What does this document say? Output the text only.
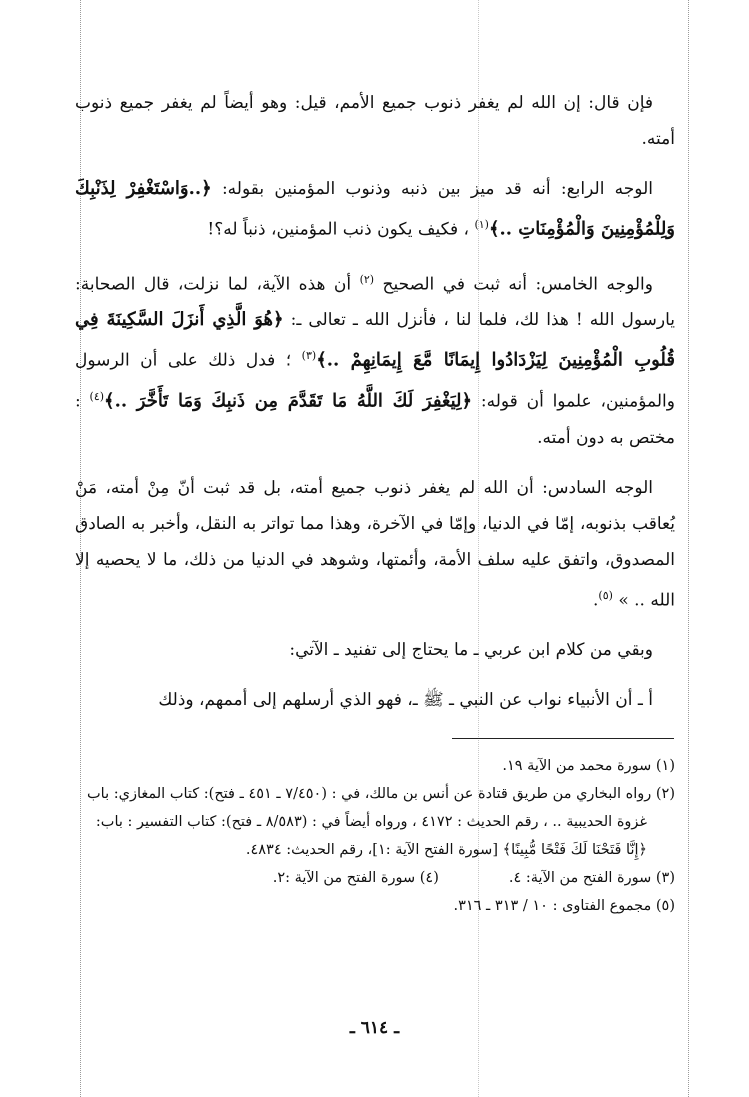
فإن قال: إن الله لم يغفر ذنوب جميع الأمم، قيل: وهو أيضاً لم يغفر جميع ذنوب أمته.

الوجه الرابع: أنه قد ميز بين ذنبه وذنوب المؤمنين بقوله: ﴿..وَاسْتَغْفِرْ لِذَنْبِكَ وَلِلْمُؤْمِنِينَ وَالْمُؤْمِنَاتِ ..﴾$^{(١)}$ ، فكيف يكون ذنب المؤمنين، ذنباً له؟!

والوجه الخامس: أنه ثبت في الصحيح $^{(٢)}$ أن هذه الآية، لما نزلت، قال الصحابة: يارسول الله ! هذا لك، فلما لنا ، فأنزل الله ـ تعالى ـ: ﴿هُوَ الَّذِي أَنزَلَ السَّكِينَةَ فِي قُلُوبِ الْمُؤْمِنِينَ لِيَزْدَادُوا إِيمَانًا مَّعَ إِيمَانِهِمْ ..﴾$^{(٣)}$ ؛ فدل ذلك على أن الرسول والمؤمنين، علموا أن قوله: ﴿لِيَغْفِرَ لَكَ اللَّهُ مَا تَقَدَّمَ مِن ذَنبِكَ وَمَا تَأَخَّرَ ..﴾$^{(٤)}$ : مختص به دون أمته.

الوجه السادس: أن الله لم يغفر ذنوب جميع أمته، بل قد ثبت أنّ مِنْ أمته، مَنْ يُعاقب بذنوبه، إمّا في الدنيا، وإمّا في الآخرة، وهذا مما تواتر به النقل، وأخبر به الصادق المصدوق، واتفق عليه سلف الأمة، وأئمتها، وشوهد في الدنيا من ذلك، ما لا يحصيه إلا الله .. » $^{(٥)}$.

وبقي من كلام ابن عربي ـ ما يحتاج إلى تفنيد ـ الآتي:

أ ـ أن الأنبياء نواب عن النبي ـ ﷺ ـ، فهو الذي أرسلهم إلى أممهم، وذلك

(١) سورة محمد من الآية ١٩.

(٢) رواه البخاري من طريق قتادة عن أنس بن مالك، في : (٧/٤٥٠ ـ ٤٥١ ـ فتح): كتاب المغازي: باب غزوة الحديبية .. ، رقم الحديث : ٤١٧٢ ، ورواه أيضاً في : (٨/٥٨٣ ـ فتح): كتاب التفسير : باب: ﴿إِنَّا فَتَحْنَا لَكَ فَتْحًا مُّبِينًا﴾ [سورة الفتح الآية :١]، رقم الحديث: ٤٨٣٤.

(٣) سورة الفتح من الآية: ٤.

(٤) سورة الفتح من الآية :٢.

(٥) مجموع الفتاوى : ١٠ / ٣١٣ ـ ٣١٦.

ـ ٦١٤ ـ
